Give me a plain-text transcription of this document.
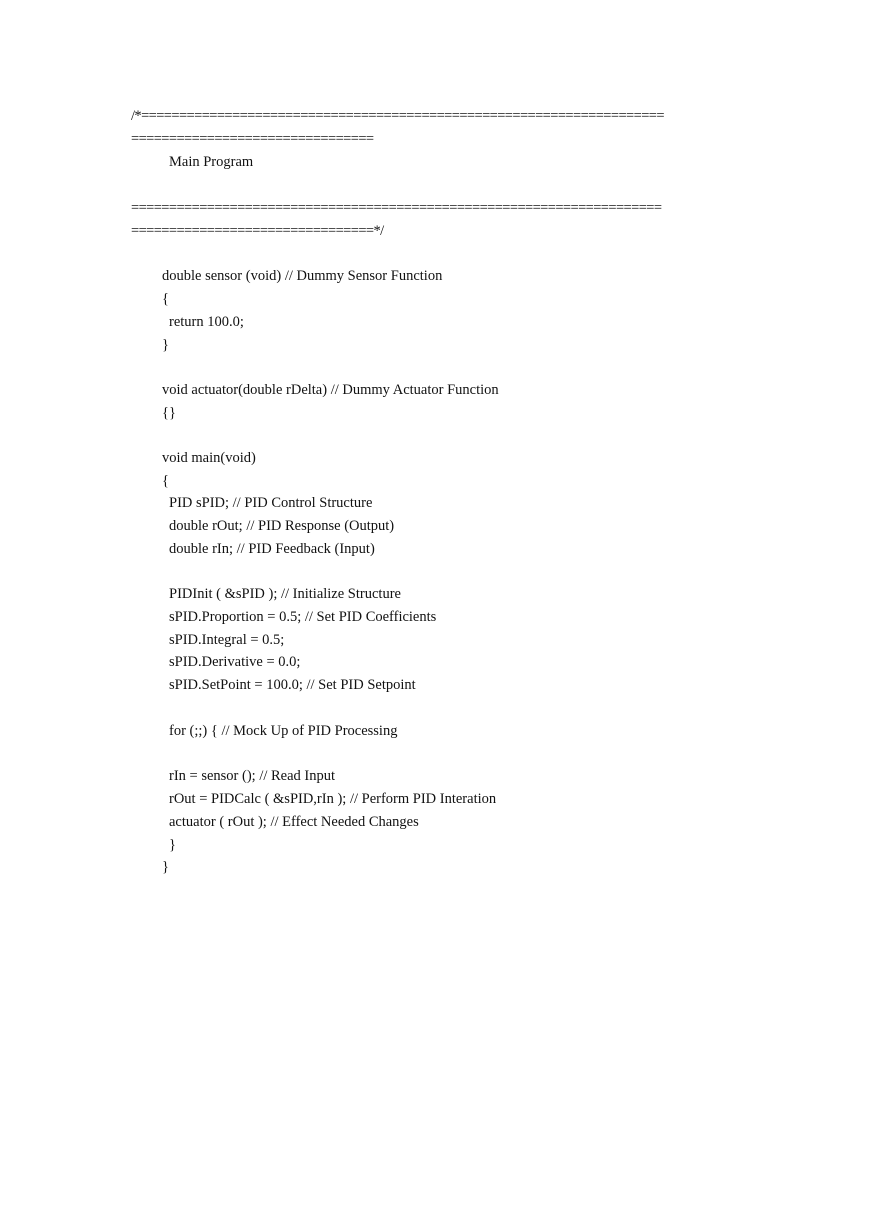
/*=====================================================================
================================
Main Program
======================================================================
================================*/
double sensor (void) // Dummy Sensor Function
{
return 100.0;
}
void actuator(double rDelta) // Dummy Actuator Function
{}
void main(void)
{
PID sPID; // PID Control Structure
double rOut; // PID Response (Output)
double rIn; // PID Feedback (Input)
PIDInit ( &sPID ); // Initialize Structure
sPID.Proportion = 0.5; // Set PID Coefficients
sPID.Integral = 0.5;
sPID.Derivative = 0.0;
sPID.SetPoint = 100.0; // Set PID Setpoint
for (;;) { // Mock Up of PID Processing
rIn = sensor (); // Read Input
rOut = PIDCalc ( &sPID,rIn ); // Perform PID Interation
actuator ( rOut ); // Effect Needed Changes
}
}
